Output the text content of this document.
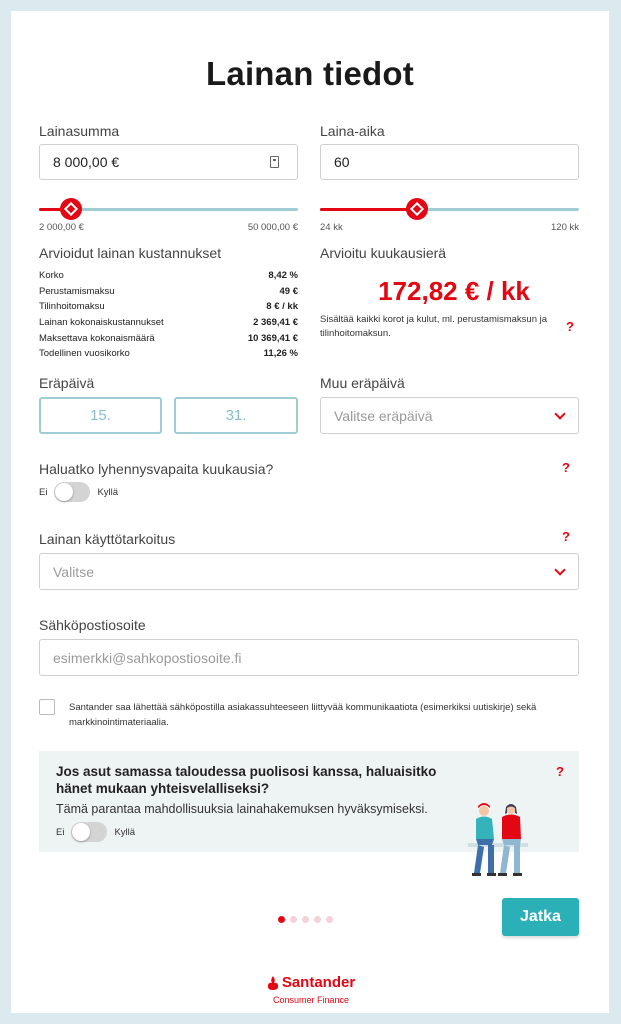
Lainan tiedot
Lainasumma
8 000,00 €
2 000,00 €	50 000,00 €
Laina-aika
60
24 kk	120 kk
Arvioidut lainan kustannukset
Korko	8,42 %
Perustamismaksu	49 €
Tilinhoitomaksu	8 € / kk
Lainan kokonaiskustannukset	2 369,41 €
Maksettava kokonaismäärä	10 369,41 €
Todellinen vuosikorko	11,26 %
Arvioitu kuukausierä
172,82 € / kk
Sisältää kaikki korot ja kulut, ml. perustamismaksun ja tilinhoitomaksun.	?
Eräpäivä
15.	31.
Muu eräpäivä
Valitse eräpäivä
Haluatko lyhennysvapaita kuukausia?	?
Ei	Kyllä
Lainan käyttötarkoitus	?
Valitse
Sähköpostiosoite
esimerkki@sahkopostiosoite.fi
Santander saa lähettää sähköpostilla asiakassuhteeseen liittyvää kommunikaatiota (esimerkiksi uutiskirje) sekä markkinointimateriaalia.
Jos asut samassa taloudessa puolisosi kanssa, haluaisitko hänet mukaan yhteisvelalliseksi?
Tämä parantaa mahdollisuuksia lainahakemuksen hyväksymiseksi.
?
Ei	Kyllä
Jatka
Santander
Consumer Finance
